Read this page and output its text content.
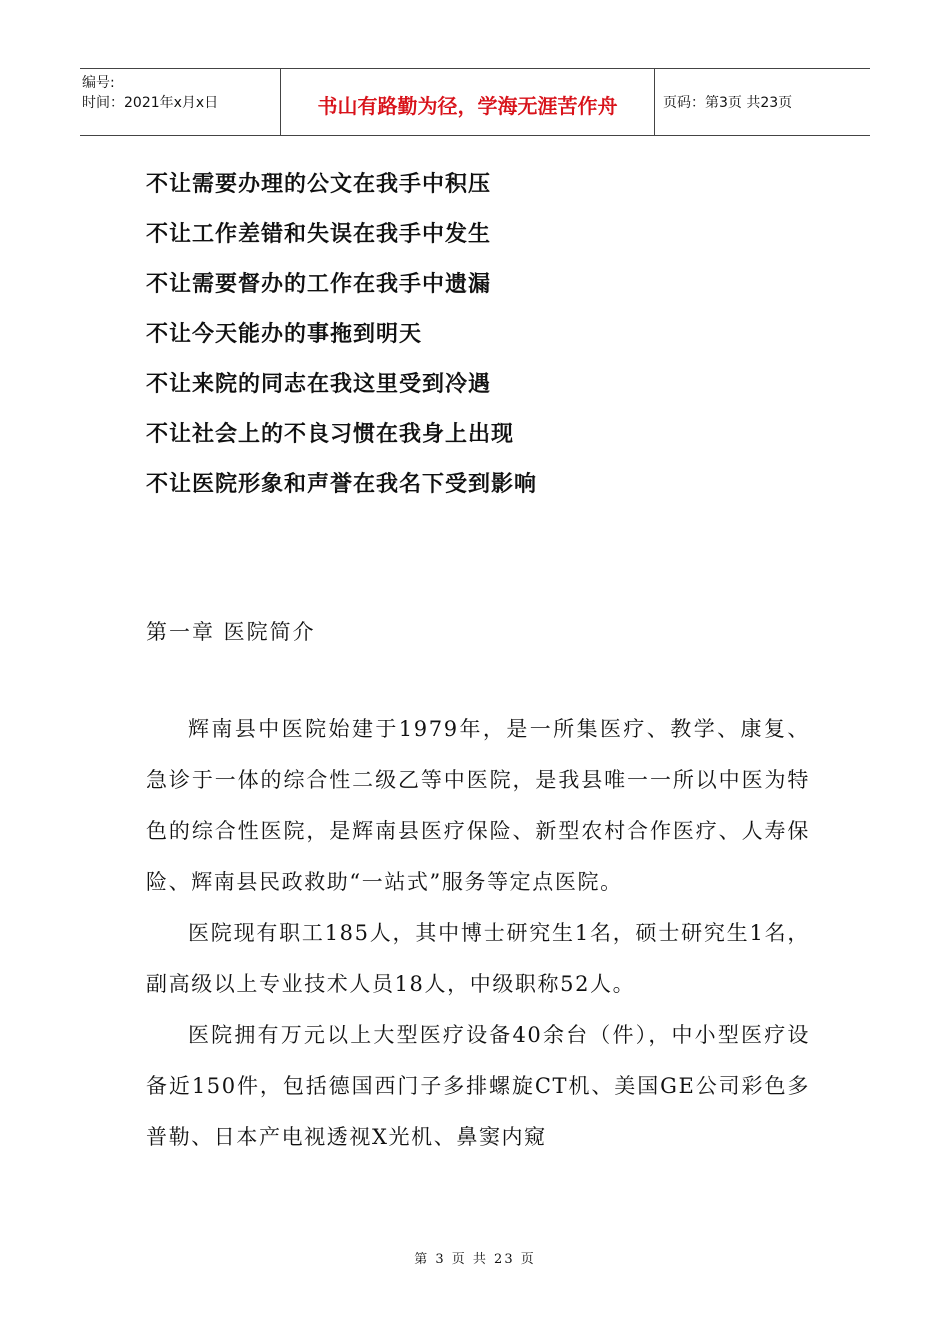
编号:
时间：2021年x月x日	书山有路勤为径，学海无涯苦作舟	页码：第3页 共23页
不让需要办理的公文在我手中积压
不让工作差错和失误在我手中发生
不让需要督办的工作在我手中遗漏
不让今天能办的事拖到明天
不让来院的同志在我这里受到冷遇
不让社会上的不良习惯在我身上出现
不让医院形象和声誉在我名下受到影响
第一章 医院简介

辉南县中医院始建于1979年，是一所集医疗、教学、康复、急诊于一体的综合性二级乙等中医院，是我县唯一一所以中医为特色的综合性医院，是辉南县医疗保险、新型农村合作医疗、人寿保险、辉南县民政救助“一站式”服务等定点医院。

医院现有职工185人，其中博士研究生1名，硕士研究生1名，副高级以上专业技术人员18人，中级职称52人。

医院拥有万元以上大型医疗设备40余台（件），中小型医疗设备近150件，包括德国西门子多排螺旋CT机、美国GE公司彩色多普勒、日本产电视透视X光机、鼻窦内窥

第 3 页 共 23 页
